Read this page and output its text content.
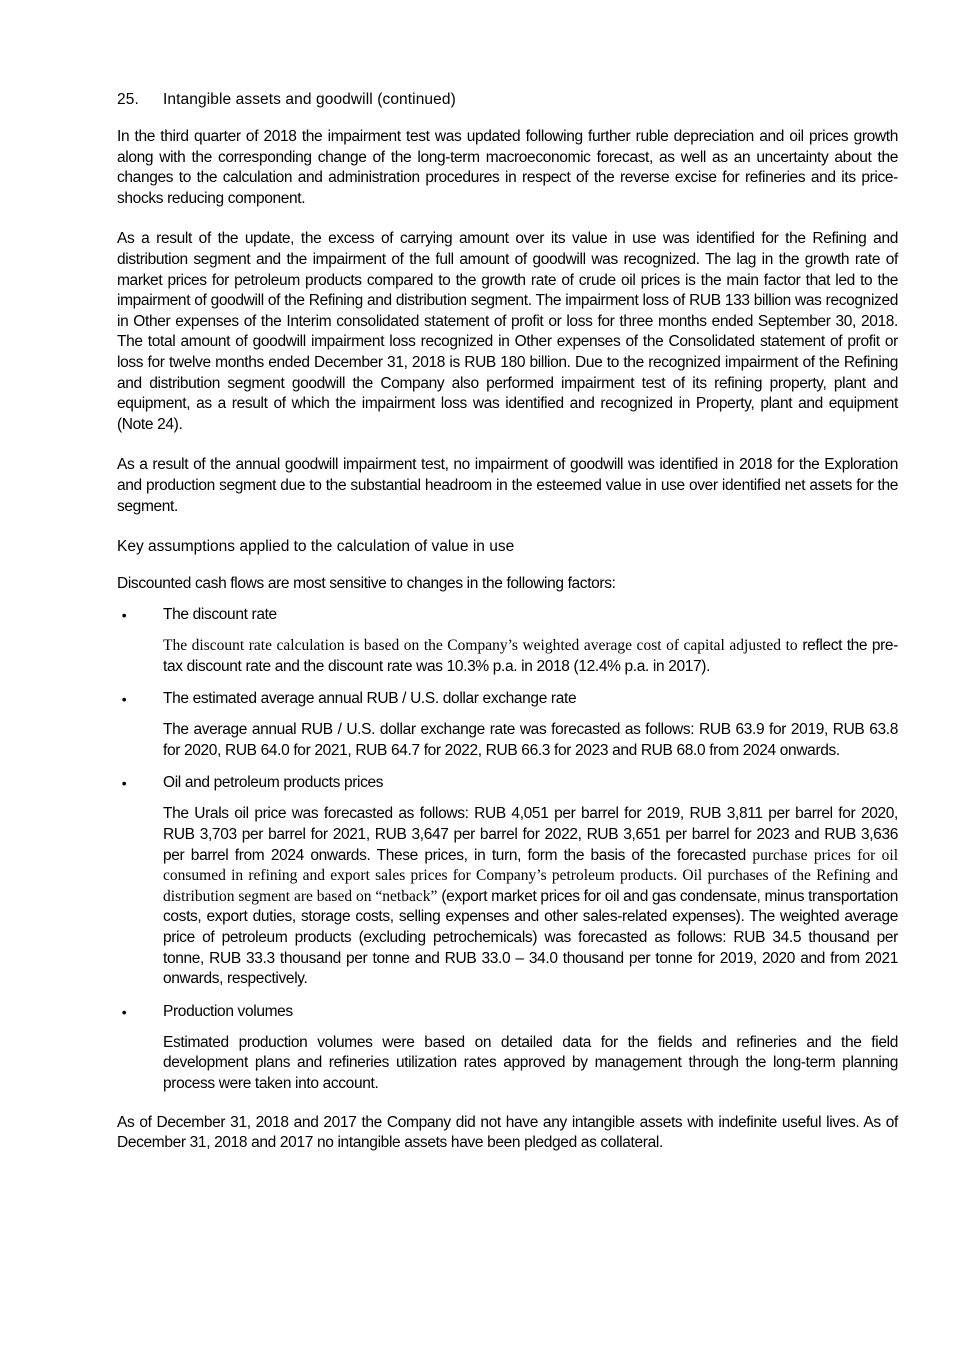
25. Intangible assets and goodwill (continued)

In the third quarter of 2018 the impairment test was updated following further ruble depreciation and oil prices growth along with the corresponding change of the long-term macroeconomic forecast, as well as an uncertainty about the changes to the calculation and administration procedures in respect of the reverse excise for refineries and its price-shocks reducing component.

As a result of the update, the excess of carrying amount over its value in use was identified for the Refining and distribution segment and the impairment of the full amount of goodwill was recognized. The lag in the growth rate of market prices for petroleum products compared to the growth rate of crude oil prices is the main factor that led to the impairment of goodwill of the Refining and distribution segment. The impairment loss of RUB 133 billion was recognized in Other expenses of the Interim consolidated statement of profit or loss for three months ended September 30, 2018. The total amount of goodwill impairment loss recognized in Other expenses of the Consolidated statement of profit or loss for twelve months ended December 31, 2018 is RUB 180 billion. Due to the recognized impairment of the Refining and distribution segment goodwill the Company also performed impairment test of its refining property, plant and equipment, as a result of which the impairment loss was identified and recognized in Property, plant and equipment (Note 24).

As a result of the annual goodwill impairment test, no impairment of goodwill was identified in 2018 for the Exploration and production segment due to the substantial headroom in the esteemed value in use over identified net assets for the segment.

Key assumptions applied to the calculation of value in use
Discounted cash flows are most sensitive to changes in the following factors:
•	The discount rate
The discount rate calculation is based on the Company’s weighted average cost of capital adjusted to reflect the pre-tax discount rate and the discount rate was 10.3% p.a. in 2018 (12.4% p.a. in 2017).
•	The estimated average annual RUB / U.S. dollar exchange rate
The average annual RUB / U.S. dollar exchange rate was forecasted as follows: RUB 63.9 for 2019, RUB 63.8 for 2020, RUB 64.0 for 2021, RUB 64.7 for 2022, RUB 66.3 for 2023 and RUB 68.0 from 2024 onwards.
•	Oil and petroleum products prices
The Urals oil price was forecasted as follows: RUB 4,051 per barrel for 2019, RUB 3,811 per barrel for 2020, RUB 3,703 per barrel for 2021, RUB 3,647 per barrel for 2022, RUB 3,651 per barrel for 2023 and RUB 3,636 per barrel from 2024 onwards. These prices, in turn, form the basis of the forecasted purchase prices for oil consumed in refining and export sales prices for Company’s petroleum products. Oil purchases of the Refining and distribution segment are based on “netback” (export market prices for oil and gas condensate, minus transportation costs, export duties, storage costs, selling expenses and other sales-related expenses). The weighted average price of petroleum products (excluding petrochemicals) was forecasted as follows: RUB 34.5 thousand per tonne, RUB 33.3 thousand per tonne and RUB 33.0 – 34.0 thousand per tonne for 2019, 2020 and from 2021 onwards, respectively.
•	Production volumes
Estimated production volumes were based on detailed data for the fields and refineries and the field development plans and refineries utilization rates approved by management through the long-term planning process were taken into account.

As of December 31, 2018 and 2017 the Company did not have any intangible assets with indefinite useful lives. As of December 31, 2018 and 2017 no intangible assets have been pledged as collateral.
